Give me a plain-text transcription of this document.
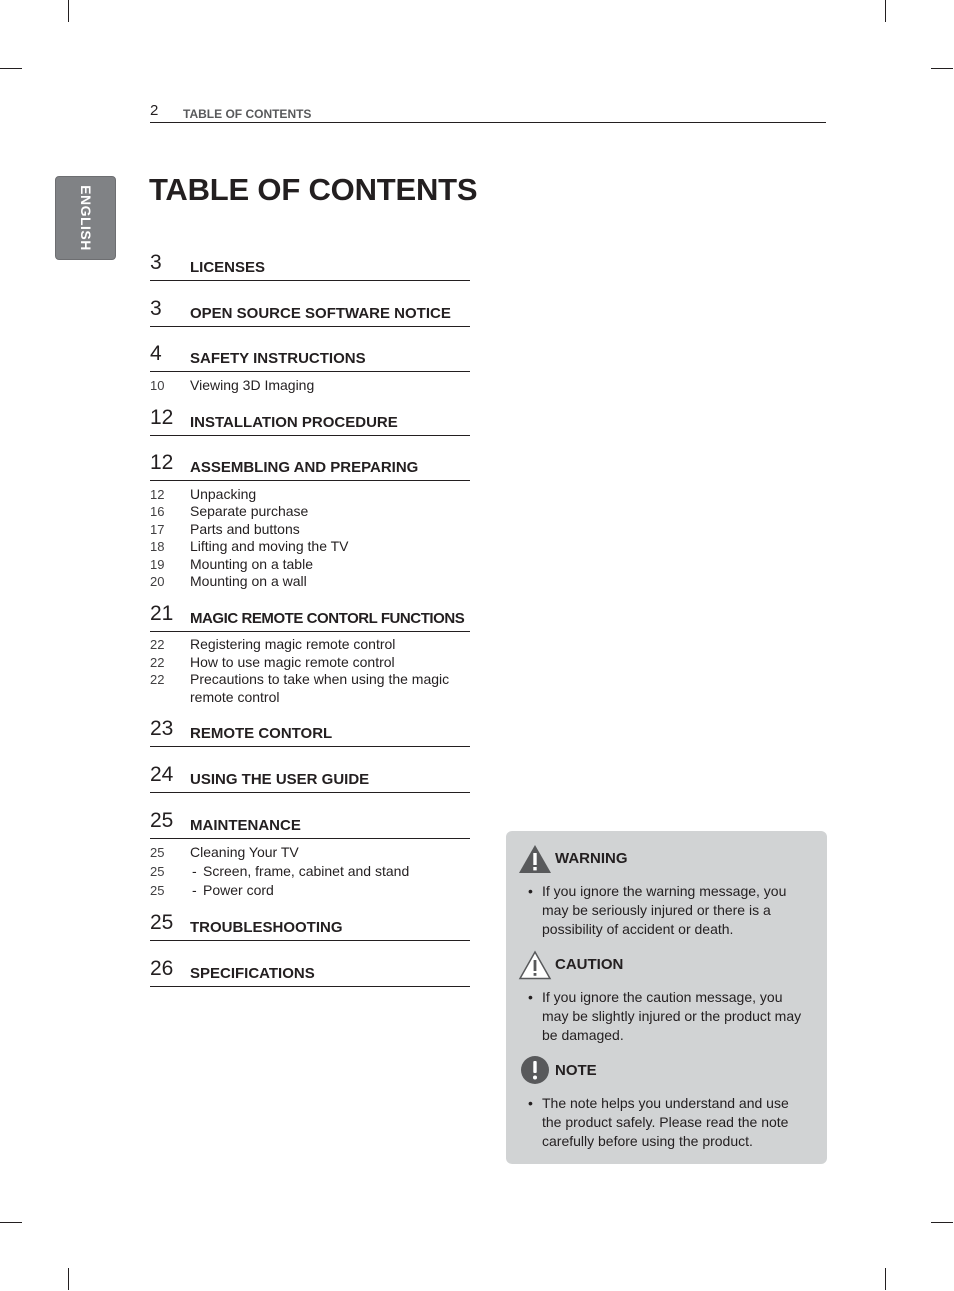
2 TABLE OF CONTENTS
ENGLISH TABLE OF CONTENTS
3 LICENSES
3 OPEN SOURCE SOFTWARE NOTICE
4 SAFETY INSTRUCTIONS
10 Viewing 3D Imaging
12 INSTALLATION PROCEDURE
12 ASSEMBLING AND PREPARING
12 Unpacking
16 Separate purchase
17 Parts and buttons
18 Lifting and moving the TV
19 Mounting on a table
20 Mounting on a wall
21 MAGIC REMOTE CONTORL FUNCTIONS
22 Registering magic remote control
22 How to use magic remote control
22 Precautions to take when using the magic remote control
23 REMOTE CONTORL
24 USING THE USER GUIDE
25 MAINTENANCE
25 Cleaning Your TV
25 - Screen, frame, cabinet and stand
25 - Power cord
25 TROUBLESHOOTING
26 SPECIFICATIONS
WARNING
• If you ignore the warning message, you
may be seriously injured or there is a
possibility of accident or death.
CAUTION
• If you ignore the caution message, you
may be slightly injured or the product may
be damaged.
NOTE
• The note helps you understand and use
the product safely. Please read the note
carefully before using the product.
